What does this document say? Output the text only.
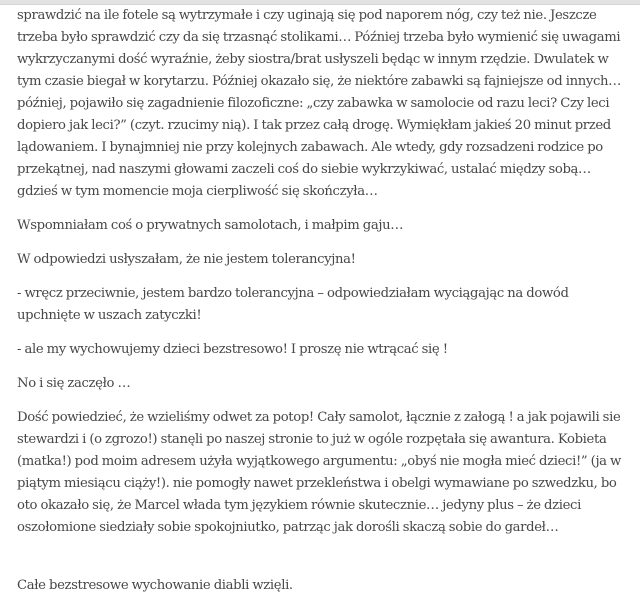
sprawdzić na ile fotele są wytrzymałe i czy uginają się pod naporem nóg, czy też nie. Jeszcze trzeba było sprawdzić czy da się trzasnąć stolikami… Później trzeba było wymienić się uwagami wykrzyczanymi dość wyraźnie, żeby siostra/brat usłyszeli będąc w innym rzędzie. Dwulatek w tym czasie biegał w korytarzu. Później okazało się, że niektóre zabawki są fajniejsze od innych… później, pojawiło się zagadnienie filozoficzne: „czy zabawka w samolocie od razu leci? Czy leci dopiero jak leci?” (czyt. rzucimy nią). I tak przez całą drogę. Wymiękłam jakieś 20 minut przed lądowaniem. I bynajmniej nie przy kolejnych zabawach. Ale wtedy, gdy rozsadzeni rodzice po przekątnej, nad naszymi głowami zaczeli coś do siebie wykrzykiwać, ustalać między sobą… gdzieś w tym momencie moja cierpliwość się skończyła…

Wspomniałam coś o prywatnych samolotach, i małpim gaju…

W odpowiedzi usłyszałam, że nie jestem tolerancyjna!

- wręcz przeciwnie, jestem bardzo tolerancyjna – odpowiedziałam wyciągając na dowód upchnięte w uszach zatyczki!

- ale my wychowujemy dzieci bezstresowo! I proszę nie wtrącać się !

No i się zaczęło …

Dość powiedzieć, że wzieliśmy odwet za potop! Cały samolot, łącznie z załogą ! a jak pojawili sie stewardzi i (o zgrozo!) stanęli po naszej stronie to już w ogóle rozpętała się awantura. Kobieta (matka!) pod moim adresem użyła wyjątkowego argumentu: „obyś nie mogła mieć dzieci!” (ja w piątym miesiącu ciąży!). nie pomogły nawet przekleństwa i obelgi wymawiane po szwedzku, bo oto okazało się, że Marcel włada tym językiem równie skutecznie… jedyny plus – że dzieci oszołomione siedziały sobie spokojniutko, patrząc jak dorośli skaczą sobie do gardeł…

Całe bezstresowe wychowanie diabli wzięli.
